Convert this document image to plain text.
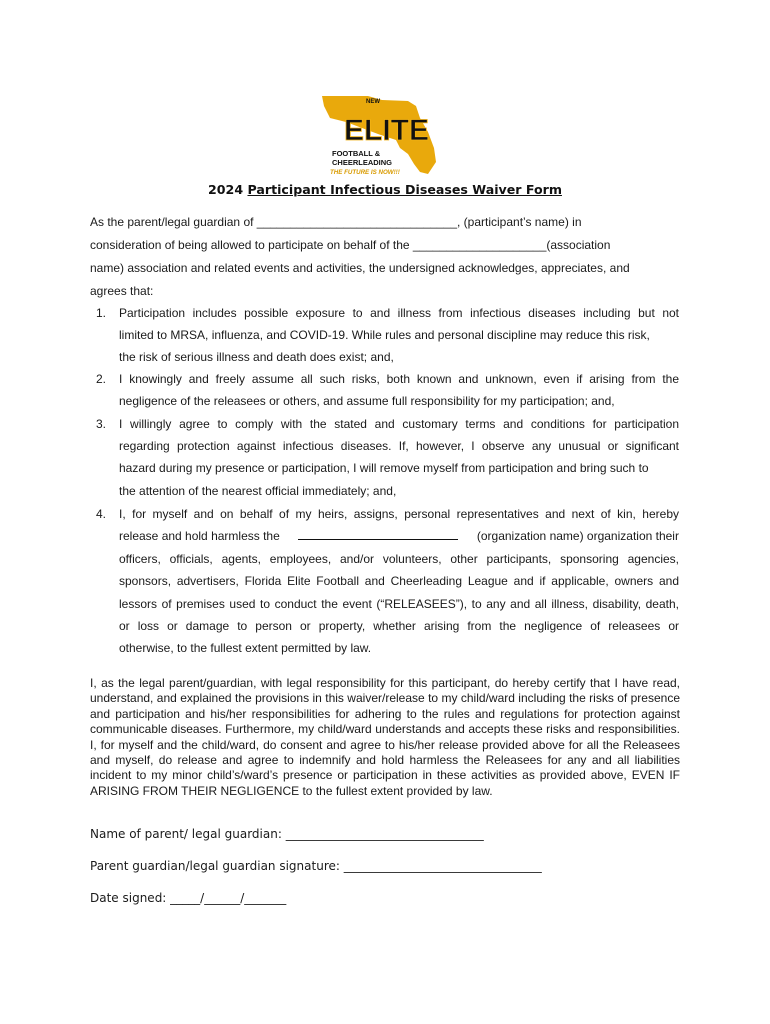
NEW
ELITE
FOOTBALL &
CHEERLEADING
THE FUTURE IS NOW!!!
2024 Participant Infectious Diseases Waiver Form
As the parent/legal guardian of ______________________________, (participant’s name) in
consideration of being allowed to participate on behalf of the ____________________(association
name) association and related events and activities, the undersigned acknowledges, appreciates, and
agrees that:
1. Participation includes possible exposure to and illness from infectious diseases including but not
limited to MRSA, influenza, and COVID-19. While rules and personal discipline may reduce this risk,
the risk of serious illness and death does exist; and,
2. I knowingly and freely assume all such risks, both known and unknown, even if arising from the
negligence of the releasees or others, and assume full responsibility for my participation; and,
3. I willingly agree to comply with the stated and customary terms and conditions for participation
regarding protection against infectious diseases. If, however, I observe any unusual or significant
hazard during my presence or participation, I will remove myself from participation and bring such to
the attention of the nearest official immediately; and,
4. I, for myself and on behalf of my heirs, assigns, personal representatives and next of kin, hereby
release and hold harmless the	(organization name) organization their
officers, officials, agents, employees, and/or volunteers, other participants, sponsoring agencies,
sponsors, advertisers, Florida Elite Football and Cheerleading League and if applicable, owners and
lessors of premises used to conduct the event (“RELEASEES”), to any and all illness, disability, death,
or loss or damage to person or property, whether arising from the negligence of releasees or
otherwise, to the fullest extent permitted by law.
I, as the legal parent/guardian, with legal responsibility for this participant, do hereby certify that I have read, understand, and explained the provisions in this waiver/release to my child/ward including the risks of presence and participation and his/her responsibilities for adhering to the rules and regulations for protection against communicable diseases. Furthermore, my child/ward understands and accepts these risks and responsibilities. I, for myself and the child/ward, do consent and agree to his/her release provided above for all the Releasees and myself, do release and agree to indemnify and hold harmless the Releasees for any and all liabilities incident to my minor child’s/ward’s presence or participation in these activities as provided above, EVEN IF ARISING FROM THEIR NEGLIGENCE to the fullest extent provided by law.
Name of parent/ legal guardian: _________________________________
Parent guardian/legal guardian signature: _________________________________
Date signed: _____/______/_______
